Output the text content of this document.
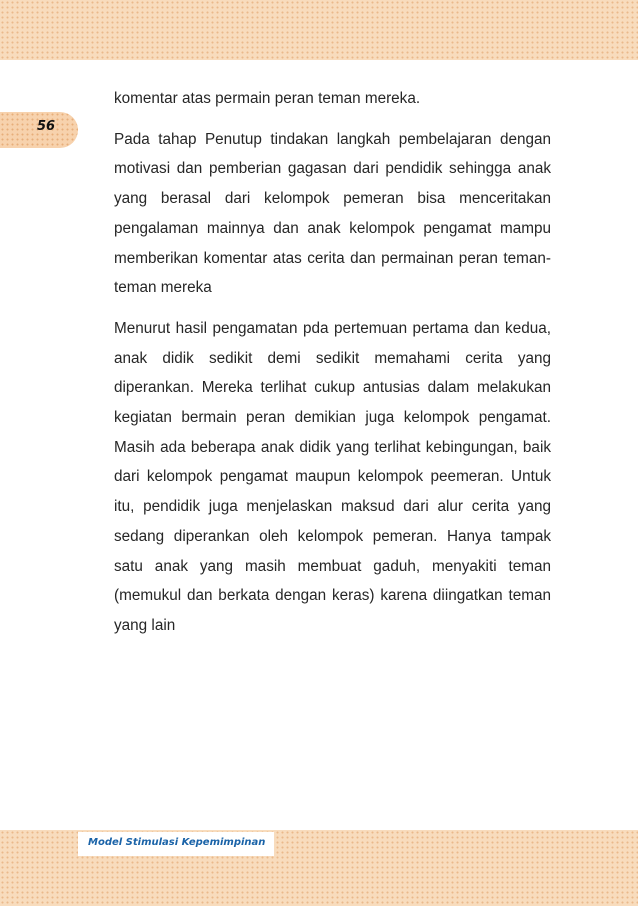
56

komentar atas permain peran teman mereka.

Pada tahap Penutup tindakan langkah pembelajaran dengan motivasi dan pemberian gagasan dari pendidik sehingga anak yang berasal dari kelompok pemeran bisa menceritakan pengalaman mainnya dan anak kelompok pengamat mampu memberikan komentar atas cerita dan permainan peran teman-teman mereka

Menurut hasil pengamatan pda pertemuan pertama dan kedua, anak didik sedikit demi sedikit memahami cerita yang diperankan. Mereka terlihat cukup antusias dalam melakukan kegiatan bermain peran demikian juga kelompok pengamat. Masih ada beberapa anak didik yang terlihat kebingungan, baik dari kelompok pengamat maupun kelompok peemeran. Untuk itu, pendidik juga menjelaskan maksud dari alur cerita yang sedang diperankan oleh kelompok pemeran. Hanya tampak satu anak yang masih membuat gaduh, menyakiti teman (memukul dan berkata dengan keras) karena diingatkan teman yang lain

Model Stimulasi Kepemimpinan
